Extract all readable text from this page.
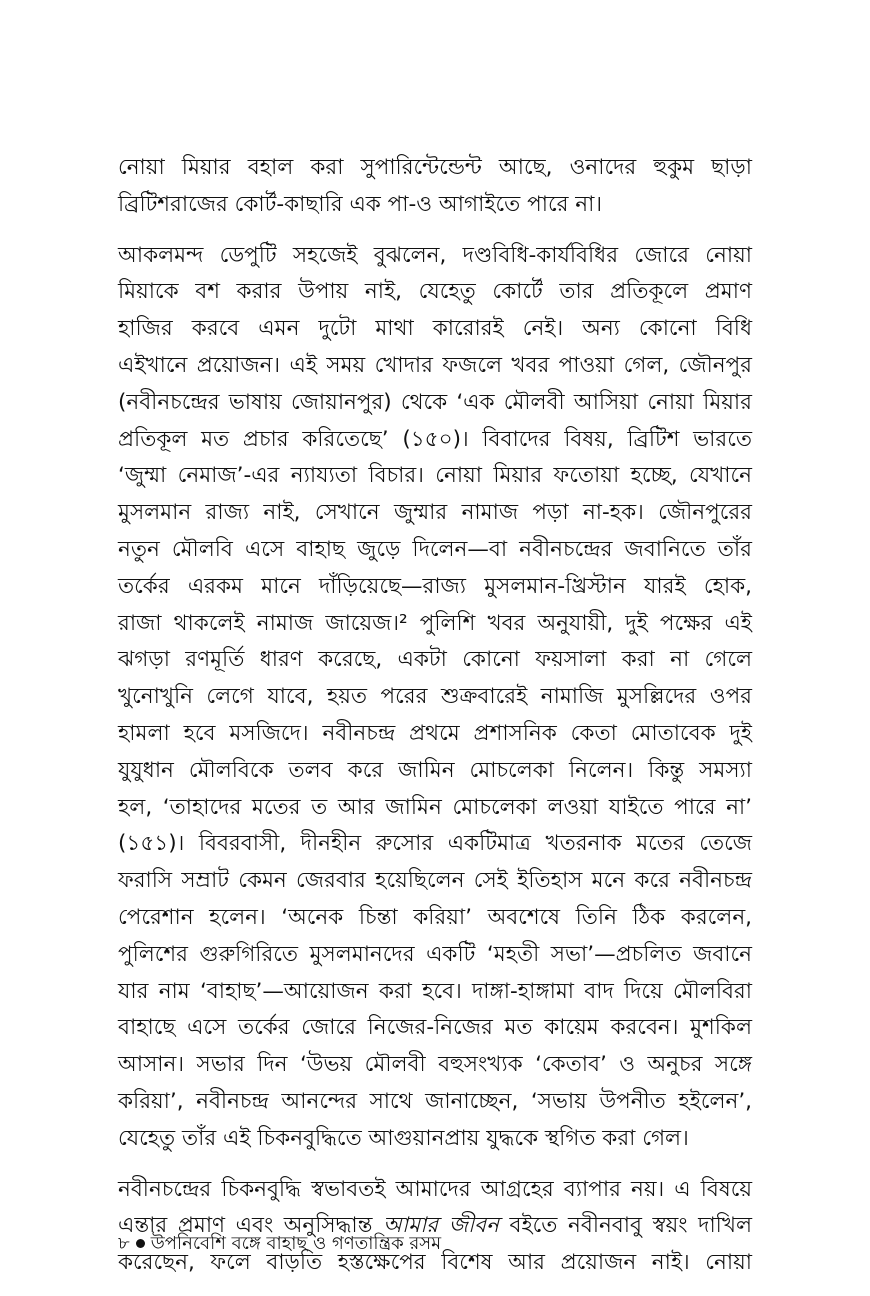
নোয়া মিয়ার বহাল করা সুপারিন্টেন্ডেন্ট আছে, ওনাদের হুকুম ছাড়া
ব্রিটিশরাজের কোর্ট-কাছারি এক পা-ও আগাইতে পারে না।

আকলমন্দ ডেপুটি সহজেই বুঝলেন, দণ্ডবিধি-কার্যবিধির জোরে নোয়া
মিয়াকে বশ করার উপায় নাই, যেহেতু কোর্টে তার প্রতিকূলে প্রমাণ
হাজির করবে এমন দুটো মাথা কারোরই নেই। অন্য কোনো বিধি
এইখানে প্রয়োজন। এই সময় খোদার ফজলে খবর পাওয়া গেল, জৌনপুর
(নবীনচন্দ্রের ভাষায় জোয়ানপুর) থেকে ‘এক মৌলবী আসিয়া নোয়া মিয়ার
প্রতিকূল মত প্রচার করিতেছে’ (১৫০)। বিবাদের বিষয়, ব্রিটিশ ভারতে
‘জুম্মা নেমাজ’-এর ন্যায্যতা বিচার। নোয়া মিয়ার ফতোয়া হচ্ছে, যেখানে
মুসলমান রাজ্য নাই, সেখানে জুম্মার নামাজ পড়া না-হক। জৌনপুরের
নতুন মৌলবি এসে বাহাছ জুড়ে দিলেন—বা নবীনচন্দ্রের জবানিতে তাঁর
তর্কের এরকম মানে দাঁড়িয়েছে—রাজ্য মুসলমান-খ্রিস্টান যারই হোক,
রাজা থাকলেই নামাজ জায়েজ।² পুলিশি খবর অনুযায়ী, দুই পক্ষের এই
ঝগড়া রণমূর্তি ধারণ করেছে, একটা কোনো ফয়সালা করা না গেলে
খুনোখুনি লেগে যাবে, হয়ত পরের শুক্রবারেই নামাজি মুসল্লিদের ওপর
হামলা হবে মসজিদে। নবীনচন্দ্র প্রথমে প্রশাসনিক কেতা মোতাবেক দুই
যুযুধান মৌলবিকে তলব করে জামিন মোচলেকা নিলেন। কিন্তু সমস্যা
হল, ‘তাহাদের মতের ত আর জামিন মোচলেকা লওয়া যাইতে পারে না’
(১৫১)। বিবরবাসী, দীনহীন রুসোর একটিমাত্র খতরনাক মতের তেজে
ফরাসি সম্রাট কেমন জেরবার হয়েছিলেন সেই ইতিহাস মনে করে নবীনচন্দ্র
পেরেশান হলেন। ‘অনেক চিন্তা করিয়া’ অবশেষে তিনি ঠিক করলেন,
পুলিশের গুরুগিরিতে মুসলমানদের একটি ‘মহতী সভা’—প্রচলিত জবানে
যার নাম ‘বাহাছ’—আয়োজন করা হবে। দাঙ্গা-হাঙ্গামা বাদ দিয়ে মৌলবিরা
বাহাছে এসে তর্কের জোরে নিজের-নিজের মত কায়েম করবেন। মুশকিল
আসান। সভার দিন ‘উভয় মৌলবী বহুসংখ্যক ‘কেতাব’ ও অনুচর সঙ্গে
করিয়া’, নবীনচন্দ্র আনন্দের সাথে জানাচ্ছেন, ‘সভায় উপনীত হইলেন’,
যেহেতু তাঁর এই চিকনবুদ্ধিতে আগুয়ানপ্রায় যুদ্ধকে স্থগিত করা গেল।

নবীনচন্দ্রের চিকনবুদ্ধি স্বভাবতই আমাদের আগ্রহের ব্যাপার নয়। এ বিষয়ে
এন্তার প্রমাণ এবং অনুসিদ্ধান্ত আমার জীবন বইতে নবীনবাবু স্বয়ং দাখিল
করেছেন, ফলে বাড়তি হস্তক্ষেপের বিশেষ আর প্রয়োজন নাই। নোয়া

৮ উপনিবেশি বঙ্গে বাহাছ ও গণতান্ত্রিক রসম
